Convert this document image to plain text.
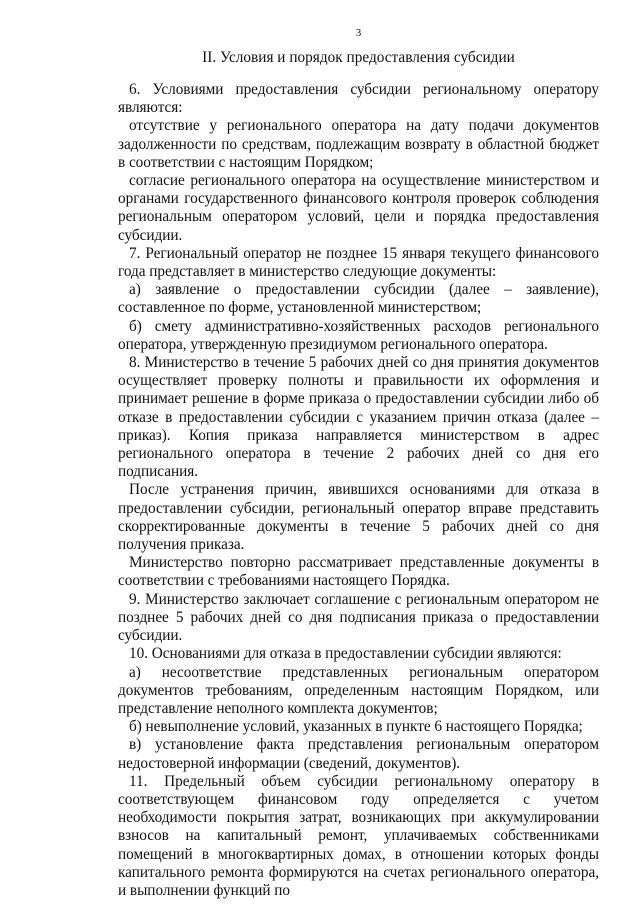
3
II. Условия и порядок предоставления субсидии

6. Условиями предоставления субсидии региональному оператору являются:

отсутствие у регионального оператора на дату подачи документов задолженности по средствам, подлежащим возврату в областной бюджет в соответствии с настоящим Порядком;

согласие регионального оператора на осуществление министерством и органами государственного финансового контроля проверок соблюдения региональным оператором условий, цели и порядка предоставления субсидии.

7. Региональный оператор не позднее 15 января текущего финансового года представляет в министерство следующие документы:

а) заявление о предоставлении субсидии (далее – заявление), составленное по форме, установленной министерством;

б) смету административно-хозяйственных расходов регионального оператора, утвержденную президиумом регионального оператора.

8. Министерство в течение 5 рабочих дней со дня принятия документов осуществляет проверку полноты и правильности их оформления и принимает решение в форме приказа о предоставлении субсидии либо об отказе в предоставлении субсидии с указанием причин отказа (далее – приказ). Копия приказа направляется министерством в адрес регионального оператора в течение 2 рабочих дней со дня его подписания.

После устранения причин, явившихся основаниями для отказа в предоставлении субсидии, региональный оператор вправе представить скорректированные документы в течение 5 рабочих дней со дня получения приказа.

Министерство повторно рассматривает представленные документы в соответствии с требованиями настоящего Порядка.

9. Министерство заключает соглашение с региональным оператором не позднее 5 рабочих дней со дня подписания приказа о предоставлении субсидии.

10. Основаниями для отказа в предоставлении субсидии являются:

а) несоответствие представленных региональным оператором документов требованиям, определенным настоящим Порядком, или представление неполного комплекта документов;

б) невыполнение условий, указанных в пункте 6 настоящего Порядка;

в) установление факта представления региональным оператором недостоверной информации (сведений, документов).

11. Предельный объем субсидии региональному оператору в соответствующем финансовом году определяется с учетом необходимости покрытия затрат, возникающих при аккумулировании взносов на капитальный ремонт, уплачиваемых собственниками помещений в многоквартирных домах, в отношении которых фонды капитального ремонта формируются на счетах регионального оператора, и выполнении функций по
